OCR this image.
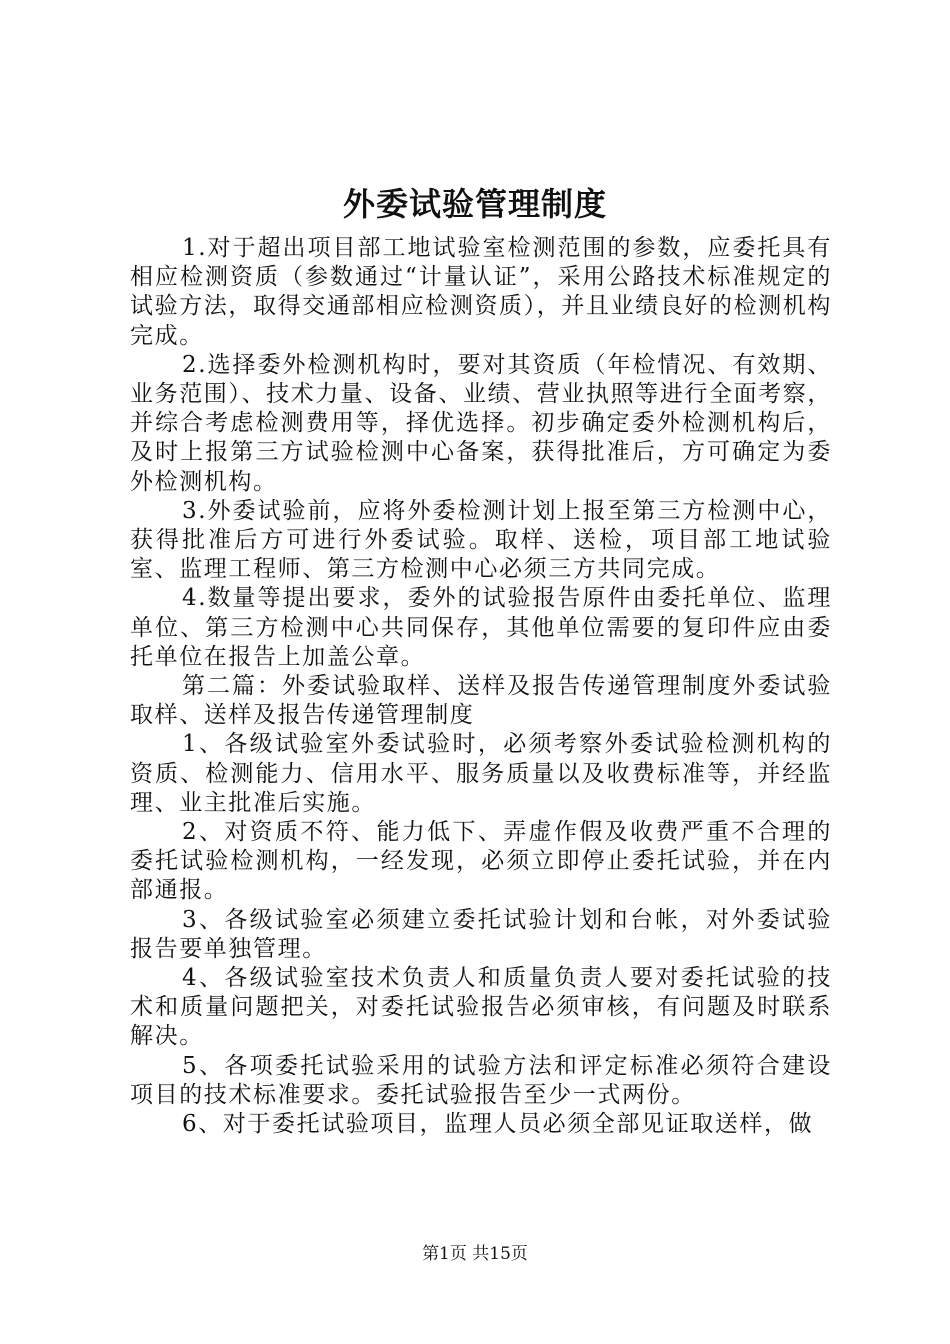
外委试验管理制度

1.对于超出项目部工地试验室检测范围的参数，应委托具有相应检测资质（参数通过“计量认证”，采用公路技术标准规定的试验方法，取得交通部相应检测资质），并且业绩良好的检测机构完成。

2.选择委外检测机构时，要对其资质（年检情况、有效期、业务范围）、技术力量、设备、业绩、营业执照等进行全面考察，并综合考虑检测费用等，择优选择。初步确定委外检测机构后，及时上报第三方试验检测中心备案，获得批准后，方可确定为委外检测机构。

3.外委试验前，应将外委检测计划上报至第三方检测中心，获得批准后方可进行外委试验。取样、送检，项目部工地试验室、监理工程师、第三方检测中心必须三方共同完成。

4.数量等提出要求，委外的试验报告原件由委托单位、监理单位、第三方检测中心共同保存，其他单位需要的复印件应由委托单位在报告上加盖公章。

第二篇：外委试验取样、送样及报告传递管理制度外委试验取样、送样及报告传递管理制度

1、各级试验室外委试验时，必须考察外委试验检测机构的资质、检测能力、信用水平、服务质量以及收费标准等，并经监理、业主批准后实施。

2、对资质不符、能力低下、弄虚作假及收费严重不合理的委托试验检测机构，一经发现，必须立即停止委托试验，并在内部通报。

3、各级试验室必须建立委托试验计划和台帐，对外委试验报告要单独管理。

4、各级试验室技术负责人和质量负责人要对委托试验的技术和质量问题把关，对委托试验报告必须审核，有问题及时联系解决。

5、各项委托试验采用的试验方法和评定标准必须符合建设项目的技术标准要求。委托试验报告至少一式两份。

6、对于委托试验项目，监理人员必须全部见证取送样，做

第1页 共15页
